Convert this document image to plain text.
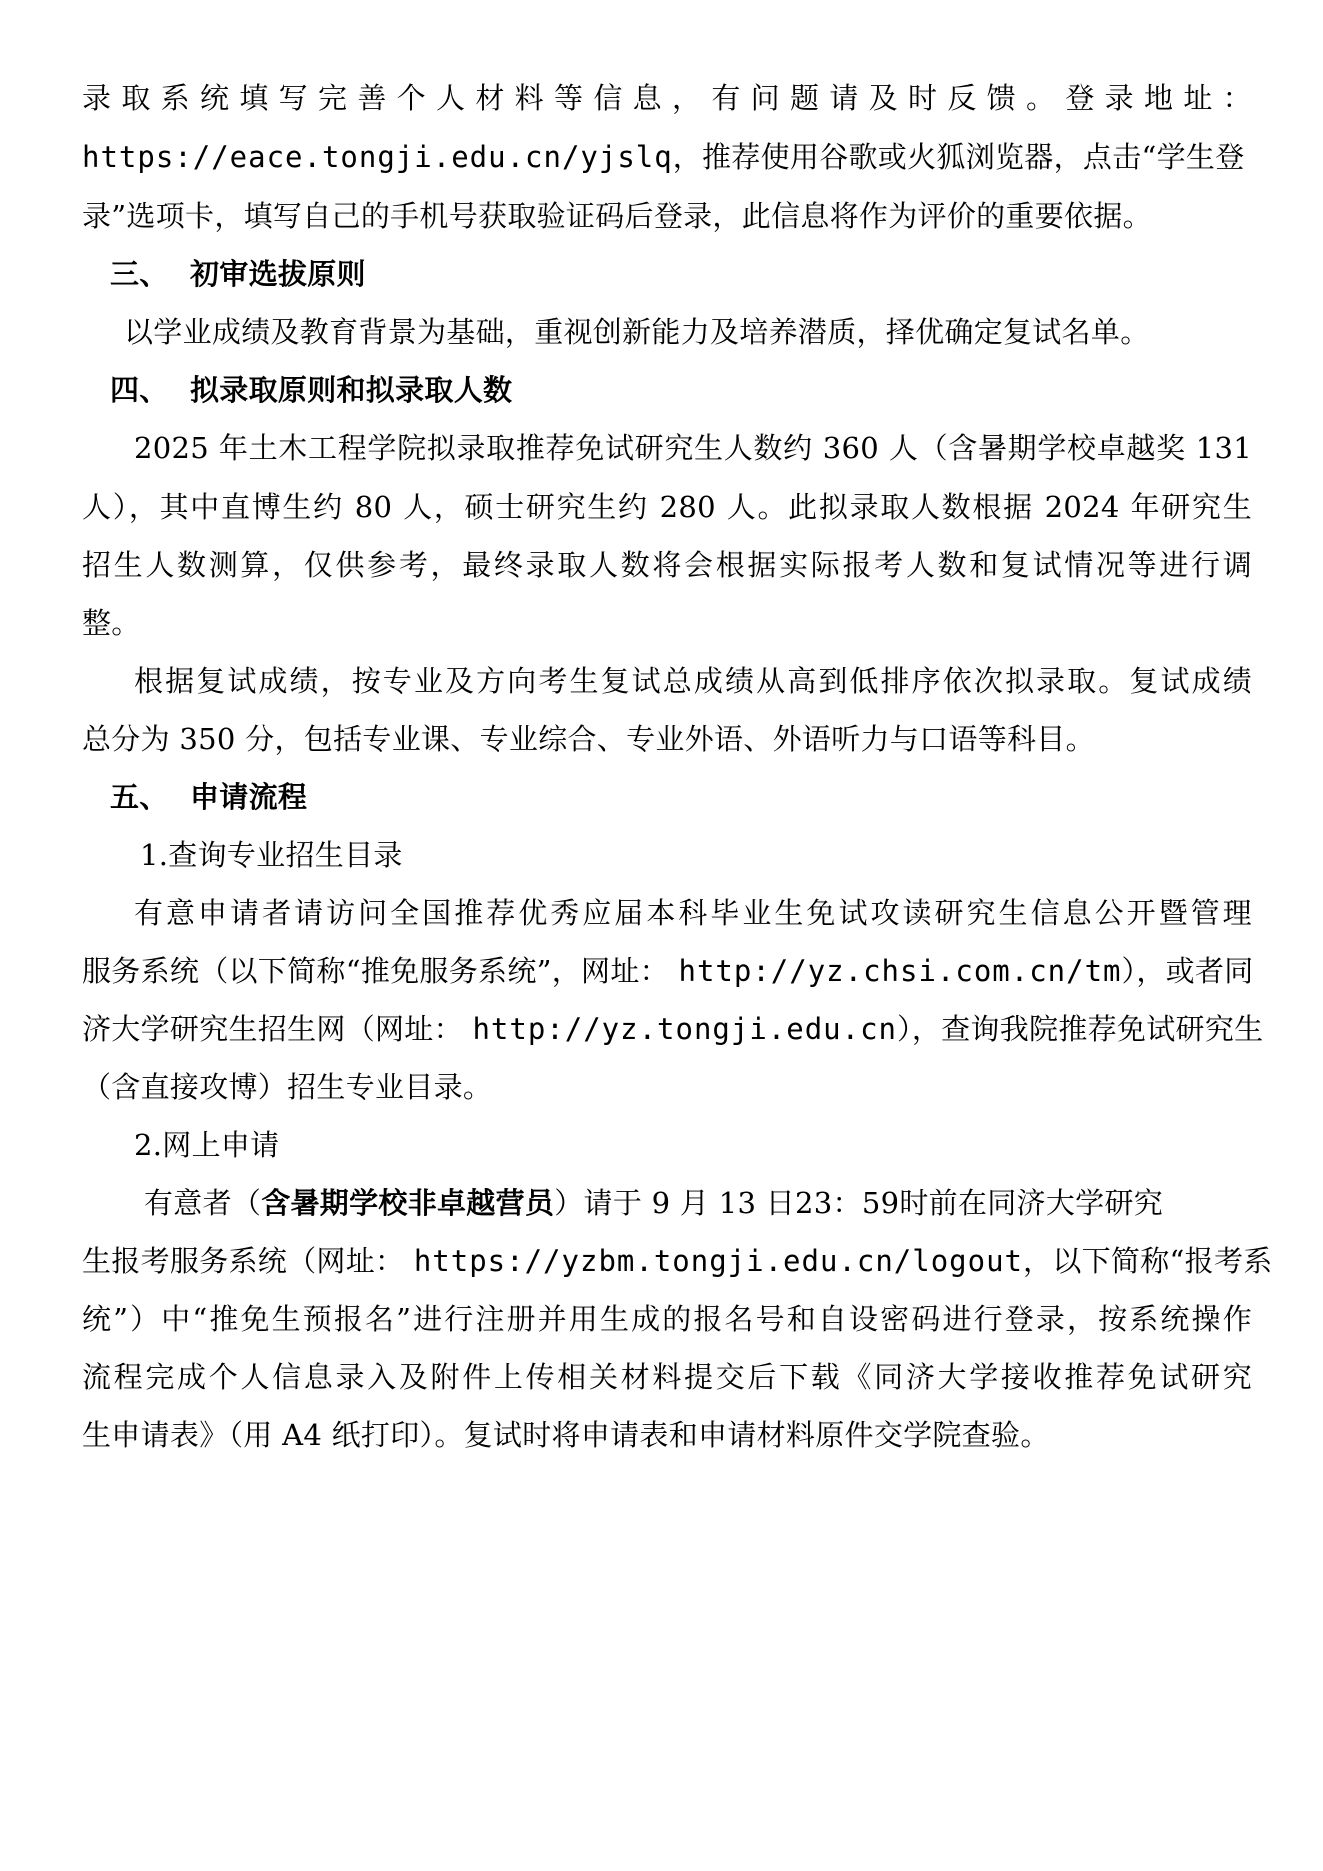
录取系统填写完善个人材料等信息，有问题请及时反馈。登录地址：
https://eace.tongji.edu.cn/yjslq，推荐使用谷歌或火狐浏览器，点击“学生登
录”选项卡，填写自己的手机号获取验证码后登录，此信息将作为评价的重要依据。
三、 初审选拔原则
以学业成绩及教育背景为基础，重视创新能力及培养潜质，择优确定复试名单。
四、 拟录取原则和拟录取人数
2025 年土木工程学院拟录取推荐免试研究生人数约 360 人（含暑期学校卓越奖 131
人），其中直博生约 80 人，硕士研究生约 280 人。此拟录取人数根据 2024 年研究生
招生人数测算，仅供参考，最终录取人数将会根据实际报考人数和复试情况等进行调
整。
根据复试成绩，按专业及方向考生复试总成绩从高到低排序依次拟录取。复试成绩
总分为 350 分，包括专业课、专业综合、专业外语、外语听力与口语等科目。
五、 申请流程
1.查询专业招生目录
有意申请者请访问全国推荐优秀应届本科毕业生免试攻读研究生信息公开暨管理
服务系统（以下简称“推免服务系统”，网址： http://yz.chsi.com.cn/tm），或者同
济大学研究生招生网（网址： http://yz.tongji.edu.cn），查询我院推荐免试研究生
（含直接攻博）招生专业目录。
2.网上申请
有意者（含暑期学校非卓越营员）请于 9 月 13 日23：59时前在同济大学研究
生报考服务系统（网址： https://yzbm.tongji.edu.cn/logout，以下简称“报考系
统”）中“推免生预报名”进行注册并用生成的报名号和自设密码进行登录，按系统操作
流程完成个人信息录入及附件上传相关材料提交后下载《同济大学接收推荐免试研究
生申请表》（用 A4 纸打印）。复试时将申请表和申请材料原件交学院查验。
